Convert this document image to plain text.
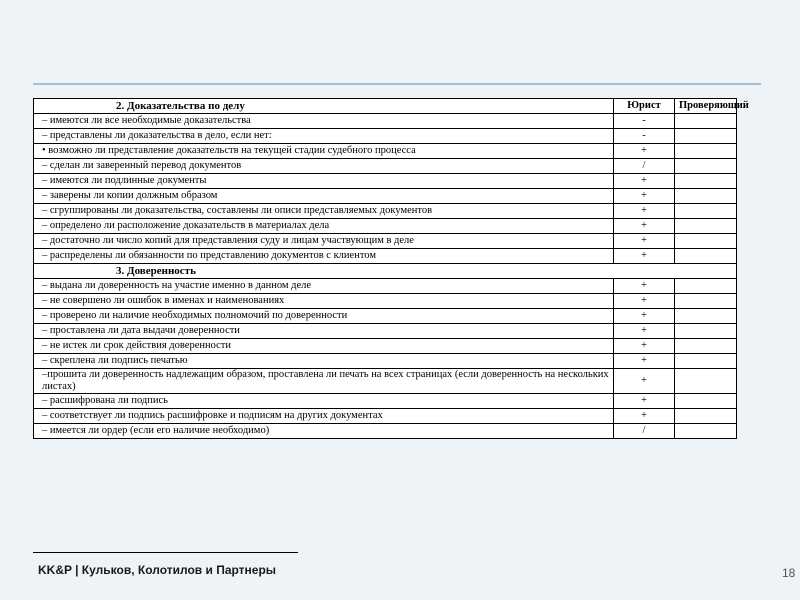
2. Доказательства по делу	Юрист	Проверяющий
– имеются ли все необходимые доказательства	-	
– представлены ли доказательства в дело, если нет:	-	
• возможно ли представление доказательств на текущей стадии судебного процесса	+	
– сделан ли заверенный перевод документов	/	
– имеются ли подлинные документы	+	
– заверены ли копии должным образом	+	
– сгруппированы ли доказательства, составлены ли описи представляемых документов	+	
– определено ли расположение доказательств в материалах дела	+	
– достаточно ли число копий для представления суду и лицам участвующим в деле	+	
– распределены ли обязанности по представлению документов с клиентом	+	
3. Доверенность		
– выдана ли доверенность на участие именно в данном деле	+	
– не совершено ли ошибок в именах и наименованиях	+	
– проверено ли наличие необходимых полномочий по доверенности	+	
– проставлена ли дата выдачи доверенности	+	
– не истек ли срок действия доверенности	+	
– скреплена ли подпись печатью	+	
–прошита ли доверенность надлежащим образом, проставлена ли печать на всех страницах (если доверенность на нескольких листах)	+	
– расшифрована ли подпись	+	
– соответствует ли подпись расшифровке и подписям на других документах	+	
– имеется ли ордер (если его наличие необходимо)	/	
KK&P | Кульков, Колотилов и Партнеры	18
